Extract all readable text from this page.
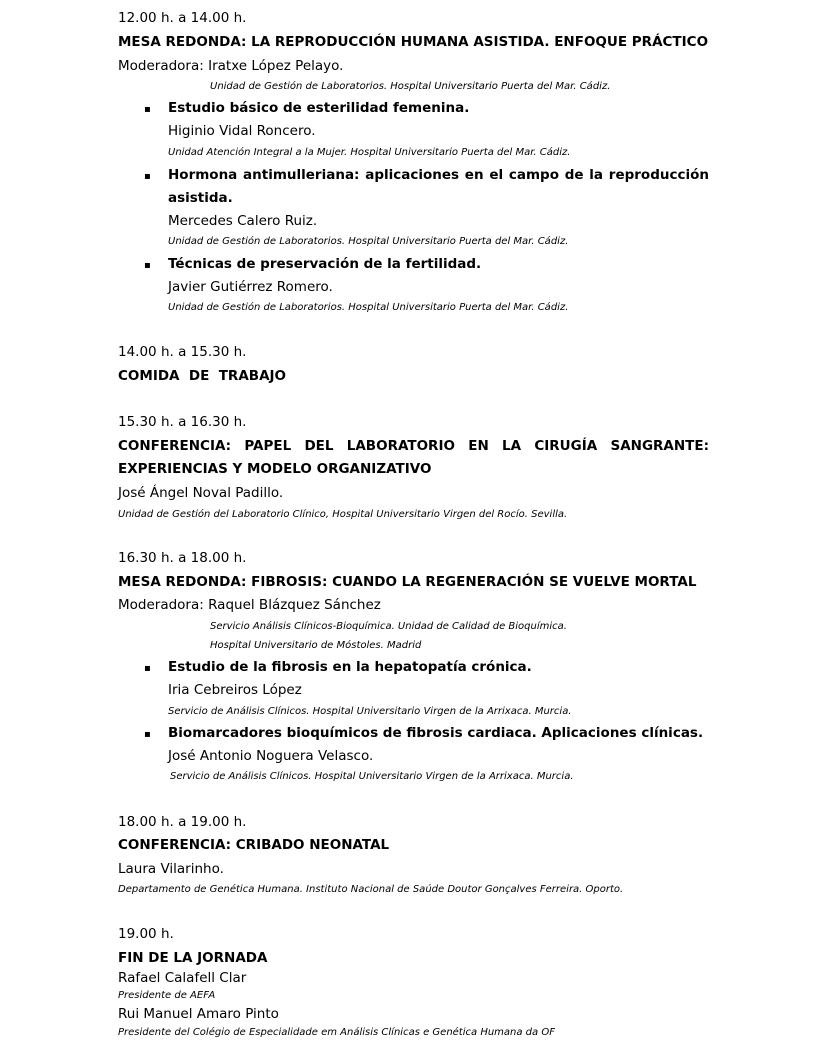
12.00 h. a 14.00 h.
MESA REDONDA: LA REPRODUCCIÓN HUMANA ASISTIDA. ENFOQUE PRÁCTICO
Moderadora: Iratxe López Pelayo.
Unidad de Gestión de Laboratorios. Hospital Universitario Puerta del Mar. Cádiz.
▪ Estudio básico de esterilidad femenina.
Higinio Vidal Roncero.
Unidad Atención Integral a la Mujer. Hospital Universitario Puerta del Mar. Cádiz.
▪ Hormona antimulleriana: aplicaciones en el campo de la reproducción
asistida.
Mercedes Calero Ruiz.
Unidad de Gestión de Laboratorios. Hospital Universitario Puerta del Mar. Cádiz.
▪ Técnicas de preservación de la fertilidad.
Javier Gutiérrez Romero.
Unidad de Gestión de Laboratorios. Hospital Universitario Puerta del Mar. Cádiz.
14.00 h. a 15.30 h.
COMIDA  DE  TRABAJO
15.30 h. a 16.30 h.
CONFERENCIA: PAPEL DEL LABORATORIO EN LA CIRUGÍA SANGRANTE:
EXPERIENCIAS Y MODELO ORGANIZATIVO
José Ángel Noval Padillo.
Unidad de Gestión del Laboratorio Clínico, Hospital Universitario Virgen del Rocío. Sevilla.
16.30 h. a 18.00 h.
MESA REDONDA: FIBROSIS: CUANDO LA REGENERACIÓN SE VUELVE MORTAL
Moderadora: Raquel Blázquez Sánchez
Servicio Análisis Clínicos-Bioquímica. Unidad de Calidad de Bioquímica.
Hospital Universitario de Móstoles. Madrid
▪ Estudio de la fibrosis en la hepatopatía crónica.
Iria Cebreiros López
Servicio de Análisis Clínicos. Hospital Universitario Virgen de la Arrixaca. Murcia.
▪ Biomarcadores bioquímicos de fibrosis cardiaca. Aplicaciones clínicas.
José Antonio Noguera Velasco.
Servicio de Análisis Clínicos. Hospital Universitario Virgen de la Arrixaca. Murcia.
18.00 h. a 19.00 h.
CONFERENCIA: CRIBADO NEONATAL
Laura Vilarinho.
Departamento de Genética Humana. Instituto Nacional de Saúde Doutor Gonçalves Ferreira. Oporto.
19.00 h.
FIN DE LA JORNADA
Rafael Calafell Clar
Presidente de AEFA
Rui Manuel Amaro Pinto
Presidente del Colégio de Especialidade em Análisis Clínicas e Genética Humana da OF
